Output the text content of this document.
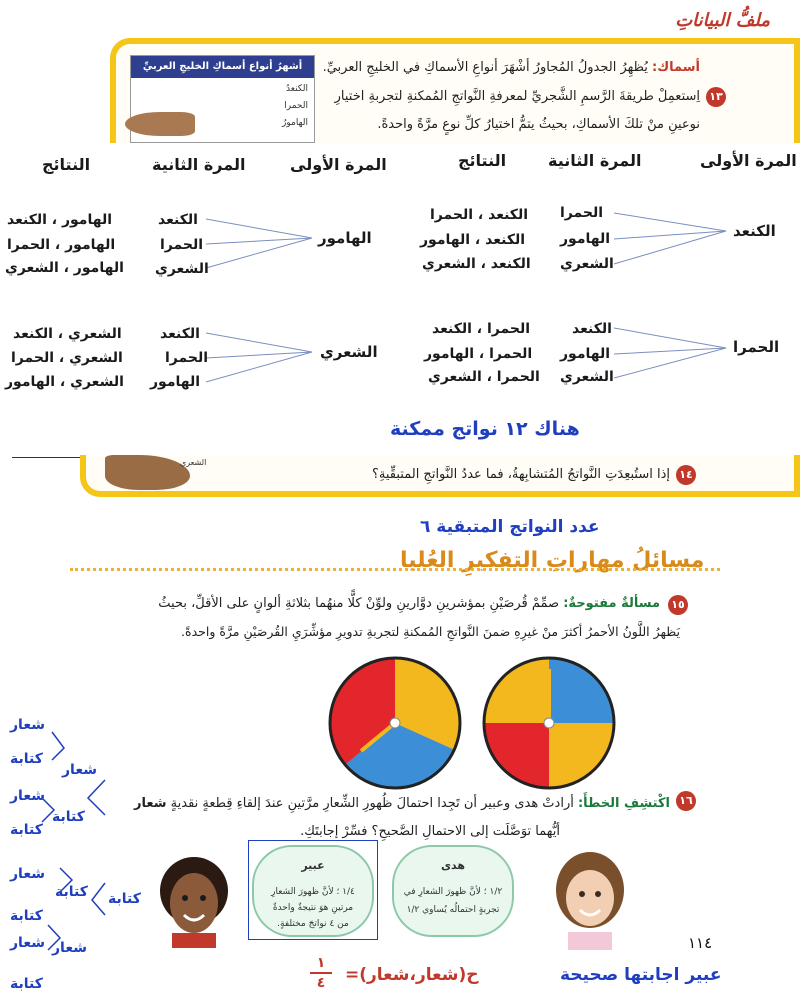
ملفُّ البياناتِ
أشهرُ أنواع أسماكِ الخليجِ العربيِّ
الكنعدُ
الحمرا
الهامورُ
١٣
أسماك: يُظهِرُ الجدولُ المُجاورُ أشْهَرَ أنواعِ الأسماكِ في الخليجِ العربيِّ.
اِستعمِلْ طريقةَ الرَّسمِ الشَّجريِّ لمعرفةِ النَّواتجِ المُمكنةِ لتجربةِ اختيارِ
نوعينِ منْ تلكَ الأسماكِ، بحيثُ يتمُّ اختيارُ كلِّ نوعٍ مرَّةً واحدةً.
المرة الأولى
المرة الثانية
النتائج
المرة الأولى
المرة الثانية
النتائج
الكنعد
الحمرا
الهامور
الشعري
الكنعد ، الحمرا
الكنعد ، الهامور
الكنعد ، الشعري
الحمرا
الكنعد
الهامور
الشعري
الحمرا ، الكنعد
الحمرا ، الهامور
الحمرا ، الشعري
الهامور
الكنعد
الحمرا
الشعري
الهامور ، الكنعد
الهامور ، الحمرا
الهامور ، الشعري
الشعري
الكنعد
الحمرا
الهامور
الشعري ، الكنعد
الشعري ، الحمرا
الشعري ، الهامور
هناك ١٢ نواتج ممكنة
الشعري
١٤
إذا استُبعِدَتِ النَّواتجُ المُتشابِهةُ، فما عددُ النَّواتجِ المتبقِّيةِ؟
عدد النواتج المتبقية ٦
مسائلُ مهاراتِ التفكيرِ العُليا
١٥
مسألةٌ مفتوحةٌ: صمِّمْ قُرصَيْنِ بمؤشرينِ دوَّارينِ ولوِّنْ كلًّا منهُما بثلاثةِ ألوانٍ على الأقلِّ، بحيثُ
يَظهرُ اللَّونُ الأحمرُ أكثرَ منْ غيرِهِ ضمنَ النَّواتجِ المُمكنةِ لتجربةِ تدويرِ مؤشِّرَيِ القُرصَيْنِ مرَّةً واحدةً.
١٦
اكْتشِفِ الخطأَ: أرادتْ هدى وعبير أن تَجِدا احتمالَ ظُهورِ الشِّعارِ مرَّتينِ عندَ إلقاءِ قِطعةٍ نقديةٍ شعار
أيُّهما توَصَّلَت إلى الاحتمالِ الصَّحيحِ؟ فسِّرْ إجابتَكِ.
شعار
كتابة
شعار
شعار
كتابة
كتابة
شعار
كتابة كتابة
كتابة
شعار شعار
كتابة
عبير
١/٤ ؛ لأنَّ ظهورَ الشعارِ
مرتينِ هوَ نتيجةٌ واحدةٌ
من ٤ نواتجَ مختلفةٍ.
هدى
١/٢ ؛ لأنَّ ظهورَ الشعارِ في
تجربةٍ احتمالُه يُساوي ١/٢
١١٤
عبير اجابتها صحيحة
ح(شعار،شعار)=
١
٤
